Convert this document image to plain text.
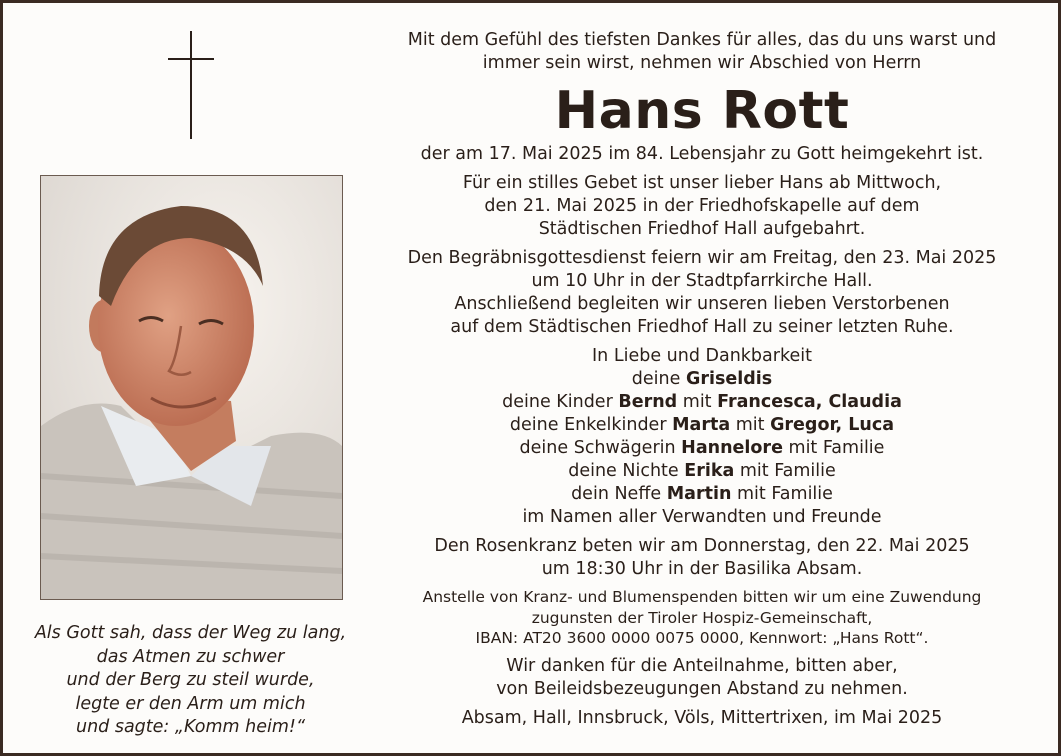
Als Gott sah, dass der Weg zu lang,
das Atmen zu schwer
und der Berg zu steil wurde,
legte er den Arm um mich
und sagte: „Komm heim!“
Mit dem Gefühl des tiefsten Dankes für alles, das du uns warst und
immer sein wirst, nehmen wir Abschied von Herrn
Hans Rott
der am 17. Mai 2025 im 84. Lebensjahr zu Gott heimgekehrt ist.
Für ein stilles Gebet ist unser lieber Hans ab Mittwoch,
den 21. Mai 2025 in der Friedhofskapelle auf dem
Städtischen Friedhof Hall aufgebahrt.
Den Begräbnisgottesdienst feiern wir am Freitag, den 23. Mai 2025
um 10 Uhr in der Stadtpfarrkirche Hall.
Anschließend begleiten wir unseren lieben Verstorbenen
auf dem Städtischen Friedhof Hall zu seiner letzten Ruhe.
In Liebe und Dankbarkeit
deine Griseldis
deine Kinder Bernd mit Francesca, Claudia
deine Enkelkinder Marta mit Gregor, Luca
deine Schwägerin Hannelore mit Familie
deine Nichte Erika mit Familie
dein Neffe Martin mit Familie
im Namen aller Verwandten und Freunde
Den Rosenkranz beten wir am Donnerstag, den 22. Mai 2025
um 18:30 Uhr in der Basilika Absam.
Anstelle von Kranz- und Blumenspenden bitten wir um eine Zuwendung
zugunsten der Tiroler Hospiz-Gemeinschaft,
IBAN: AT20 3600 0000 0075 0000, Kennwort: „Hans Rott“.
Wir danken für die Anteilnahme, bitten aber,
von Beileidsbezeugungen Abstand zu nehmen.
Absam, Hall, Innsbruck, Völs, Mittertrixen, im Mai 2025
